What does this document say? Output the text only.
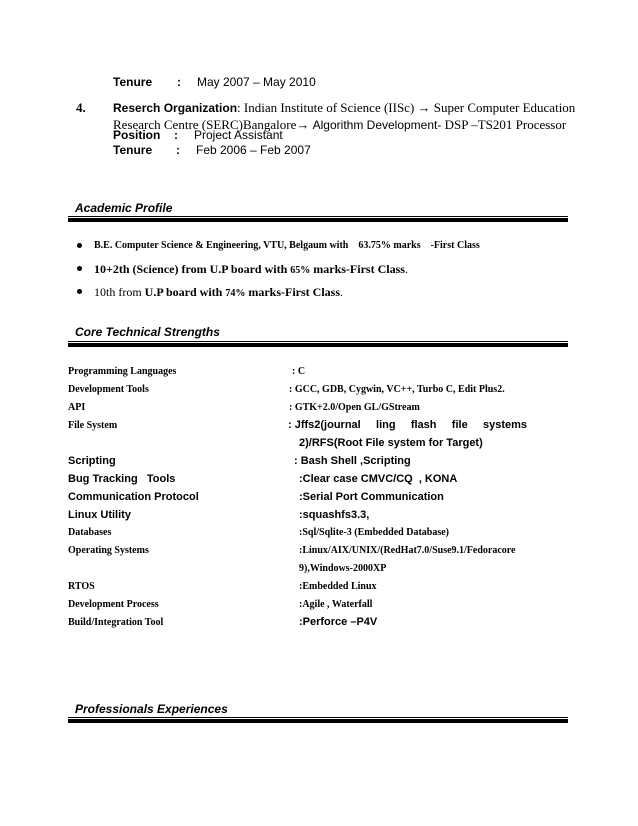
Tenure : May 2007 – May 2010
4. Reserch Organization: Indian Institute of Science (IISc) → Super Computer Education
Research Centre (SERC)Bangalore→ Algorithm Development- DSP –TS201 Processor
Position : Project Assistant
Tenure : Feb 2006 – Feb 2007
Academic Profile
B.E. Computer Science & Engineering, VTU, Belgaum with 63.75% marks -First Class
10+2th (Science) from U.P board with 65% marks-First Class.
10th from U.P board with 74% marks-First Class.
Core Technical Strengths
Programming Languages	: C
Development Tools	: GCC, GDB, Cygwin, VC++, Turbo C, Edit Plus2.
API	: GTK+2.0/Open GL/GStream
File System	: Jffs2(journal     ling     flash     file     systems
2)/RFS(Root File system for Target)
Scripting	: Bash Shell ,Scripting
Bug Tracking   Tools	:Clear case CMVC/CQ  , KONA
Communication Protocol	:Serial Port Communication
Linux Utility	:squashfs3.3,
Databases	:Sql/Sqlite-3 (Embedded Database)
Operating Systems	:Linux/AIX/UNIX/(RedHat7.0/Suse9.1/Fedoracore
9),Windows-2000XP
RTOS	:Embedded Linux
Development Process	:Agile , Waterfall
Build/Integration Tool	:Perforce –P4V
Professionals Experiences
